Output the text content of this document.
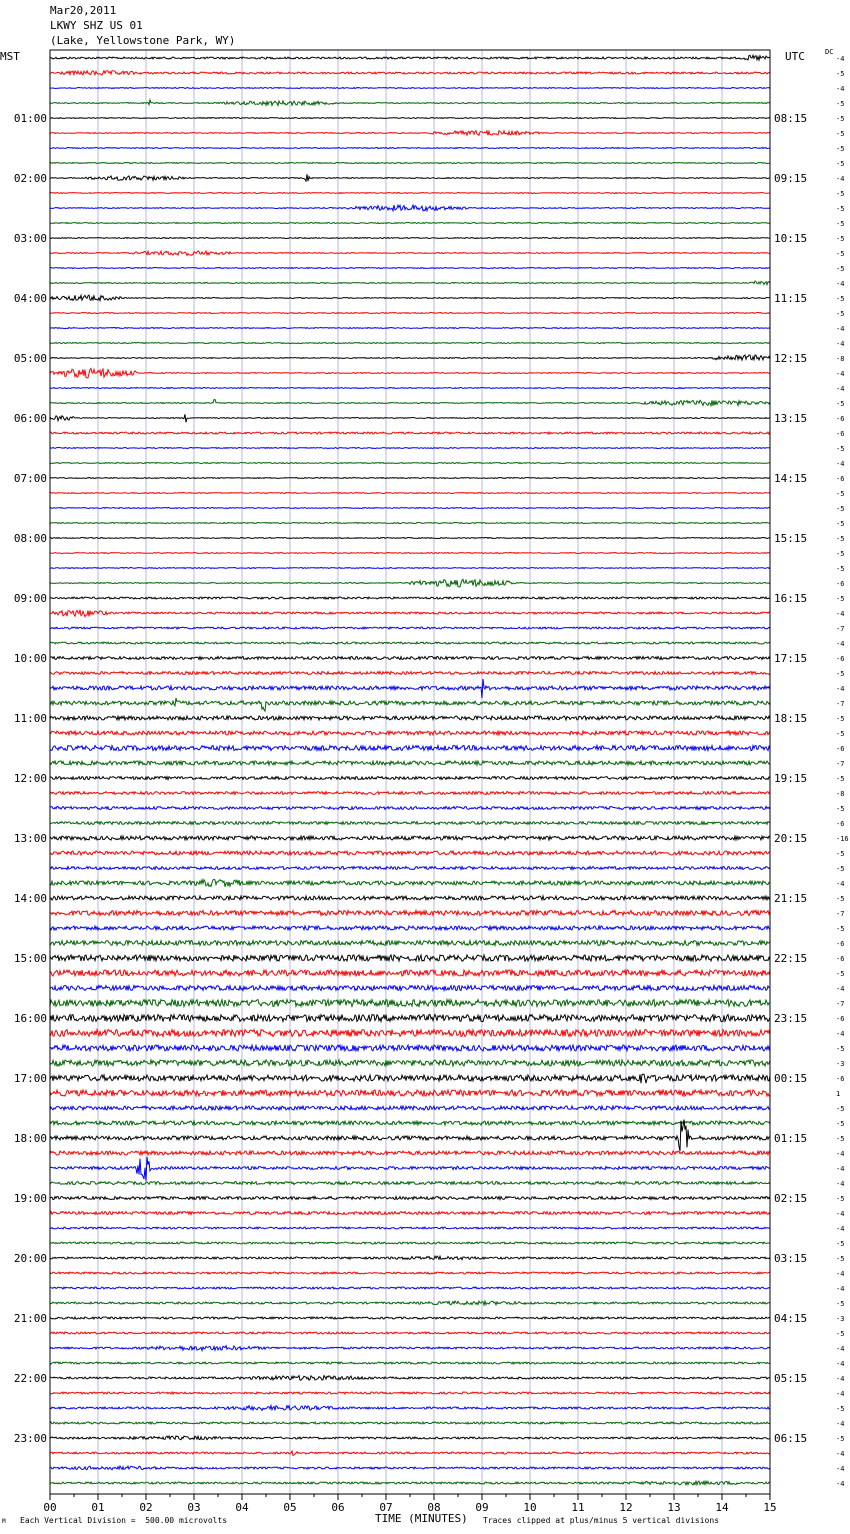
Mar20,2011
LKWY SHZ US 01
(Lake, Yellowstone Park, WY)
MST	UTC	DC
-4
-5
-4
-5
-5
-5
-5
-5
-4
-5
-5
-5
-5
-5
-5
-4
-5
-5
-4
-4
-8
-4
-4
-5
-6
-6
-5
-4
-6
-5
-5
-5
-5
-5
-5
-6
-5
-4
-7
-4
-6
-5
-4
-7
-5
-5
-6
-7
-5
-8
-5
-6
-16
-5
-5
-4
-5
-7
-5
-6
-6
-5
-4
-7
-6
-4
-5
-3
-6
1
-5
-5
-5
-4
-4
-4
-5
-4
-4
-5
-5
-4
-4
-5
-3
-5
-4
-4
-4
-4
-5
-4
-5
-4
-4
-4
01:00
02:00
03:00
04:00
05:00
06:00
07:00
08:00
09:00
10:00
11:00
12:00
13:00
14:00
15:00
16:00
17:00
18:00
19:00
20:00
21:00
22:00
23:00
08:15
09:15
10:15
11:15
12:15
13:15
14:15
15:15
16:15
17:15
18:15
19:15
20:15
21:15
22:15
23:15
00:15
01:15
02:15
03:15
04:15
05:15
06:15
00	01	02	03	04	05	06	07	08	09	10	11	12	13	14	15
M Each Vertical Division =  500.00 microvolts	TIME (MINUTES) Traces clipped at plus/minus 5 vertical divisions
